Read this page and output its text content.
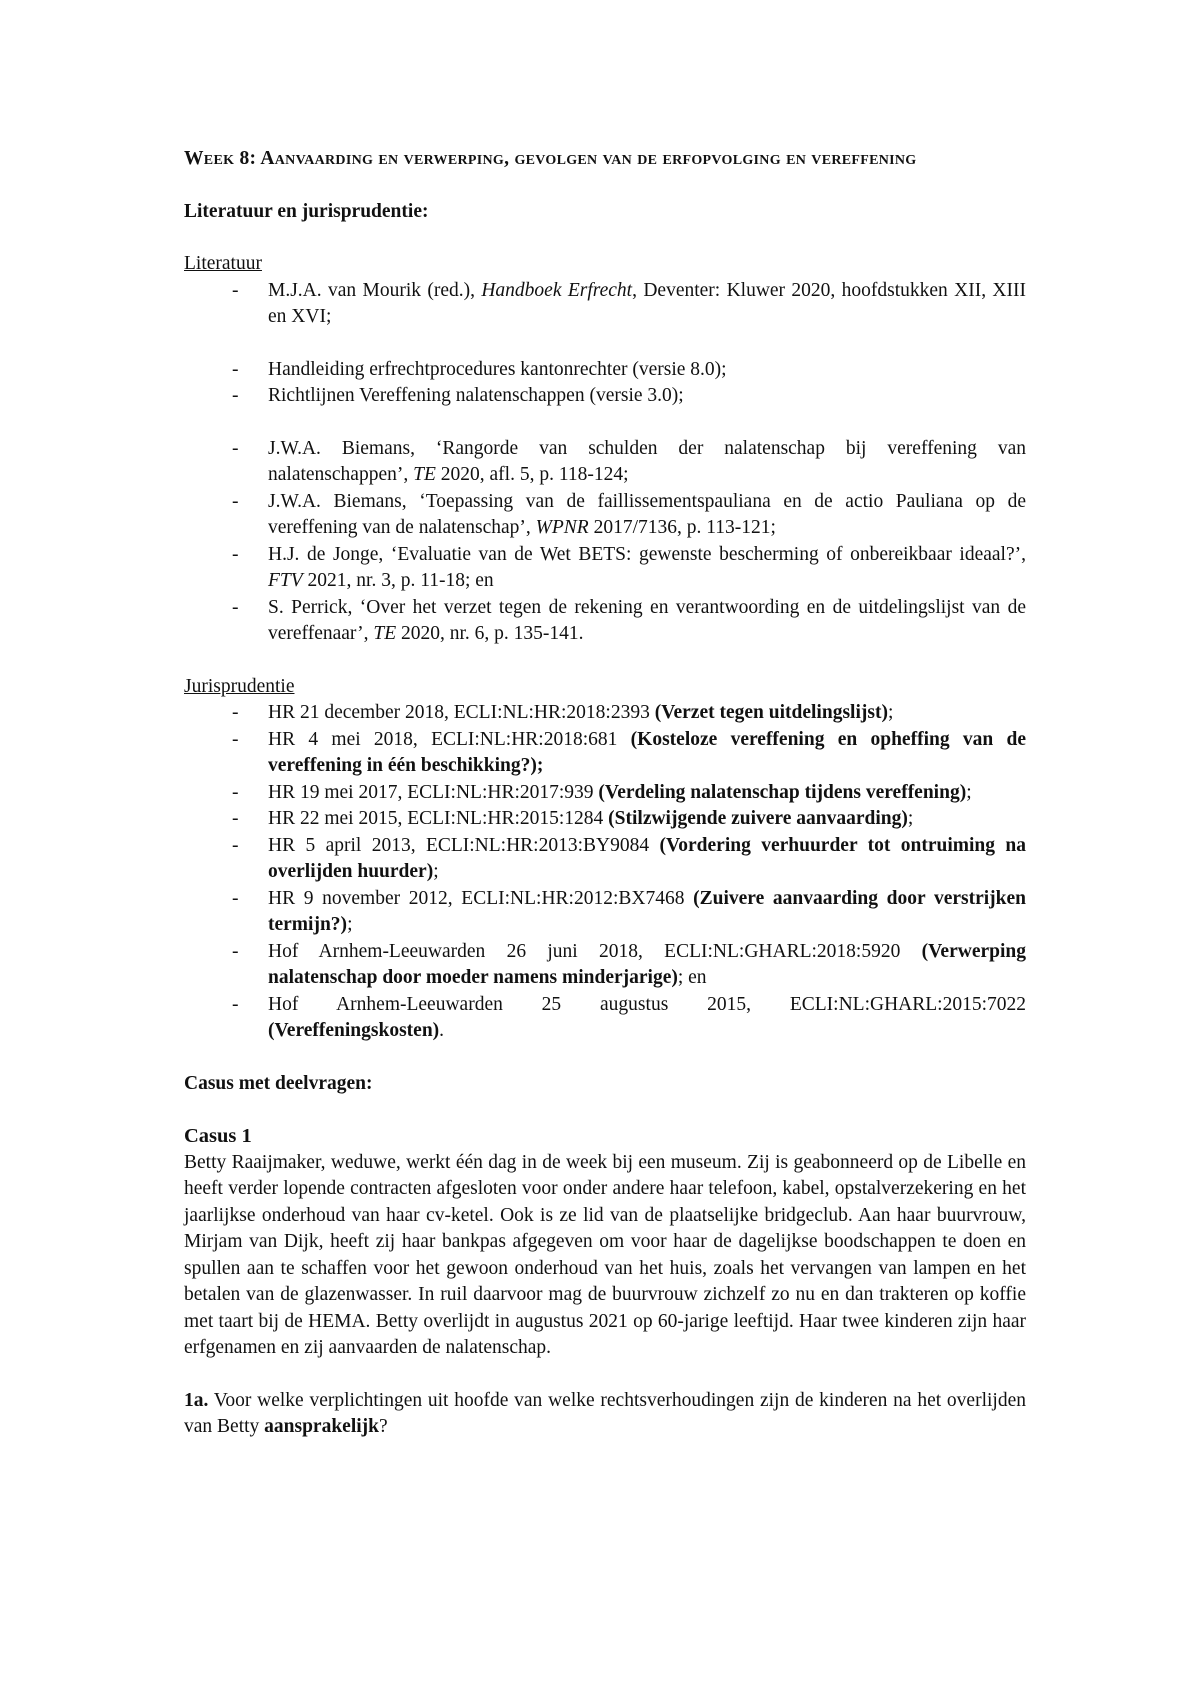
Week 8: Aanvaarding en verwerping, gevolgen van de erfopvolging en vereffening

Literatuur en jurisprudentie:

Literatuur

- M.J.A. van Mourik (red.), Handboek Erfrecht, Deventer: Kluwer 2020, hoofdstukken XII, XIII en XVI;
- Handleiding erfrechtprocedures kantonrechter (versie 8.0);
- Richtlijnen Vereffening nalatenschappen (versie 3.0);
- J.W.A. Biemans, ‘Rangorde van schulden der nalatenschap bij vereffening van nalatenschappen’, TE 2020, afl. 5, p. 118-124;
- J.W.A. Biemans, ‘Toepassing van de faillissementspauliana en de actio Pauliana op de vereffening van de nalatenschap’, WPNR 2017/7136, p. 113-121;
- H.J. de Jonge, ‘Evaluatie van de Wet BETS: gewenste bescherming of onbereikbaar ideaal?’, FTV 2021, nr. 3, p. 11-18; en
- S. Perrick, ‘Over het verzet tegen de rekening en verantwoording en de uitdelingslijst van de vereffenaar’, TE 2020, nr. 6, p. 135-141.

Jurisprudentie

- HR 21 december 2018, ECLI:NL:HR:2018:2393 (Verzet tegen uitdelingslijst);
- HR 4 mei 2018, ECLI:NL:HR:2018:681 (Kosteloze vereffening en opheffing van de vereffening in één beschikking?);
- HR 19 mei 2017, ECLI:NL:HR:2017:939 (Verdeling nalatenschap tijdens vereffening);
- HR 22 mei 2015, ECLI:NL:HR:2015:1284 (Stilzwijgende zuivere aanvaarding);
- HR 5 april 2013, ECLI:NL:HR:2013:BY9084 (Vordering verhuurder tot ontruiming na overlijden huurder);
- HR 9 november 2012, ECLI:NL:HR:2012:BX7468 (Zuivere aanvaarding door verstrijken termijn?);
- Hof Arnhem-Leeuwarden 26 juni 2018, ECLI:NL:GHARL:2018:5920 (Verwerping nalatenschap door moeder namens minderjarige); en
- Hof Arnhem-Leeuwarden 25 augustus 2015, ECLI:NL:GHARL:2015:7022 (Vereffeningskosten).

Casus met deelvragen:

Casus 1

Betty Raaijmaker, weduwe, werkt één dag in de week bij een museum. Zij is geabonneerd op de Libelle en heeft verder lopende contracten afgesloten voor onder andere haar telefoon, kabel, opstalverzekering en het jaarlijkse onderhoud van haar cv-ketel. Ook is ze lid van de plaatselijke bridgeclub. Aan haar buurvrouw, Mirjam van Dijk, heeft zij haar bankpas afgegeven om voor haar de dagelijkse boodschappen te doen en spullen aan te schaffen voor het gewoon onderhoud van het huis, zoals het vervangen van lampen en het betalen van de glazenwasser. In ruil daarvoor mag de buurvrouw zichzelf zo nu en dan trakteren op koffie met taart bij de HEMA. Betty overlijdt in augustus 2021 op 60-jarige leeftijd. Haar twee kinderen zijn haar erfgenamen en zij aanvaarden de nalatenschap.

1a. Voor welke verplichtingen uit hoofde van welke rechtsverhoudingen zijn de kinderen na het overlijden van Betty aansprakelijk?
